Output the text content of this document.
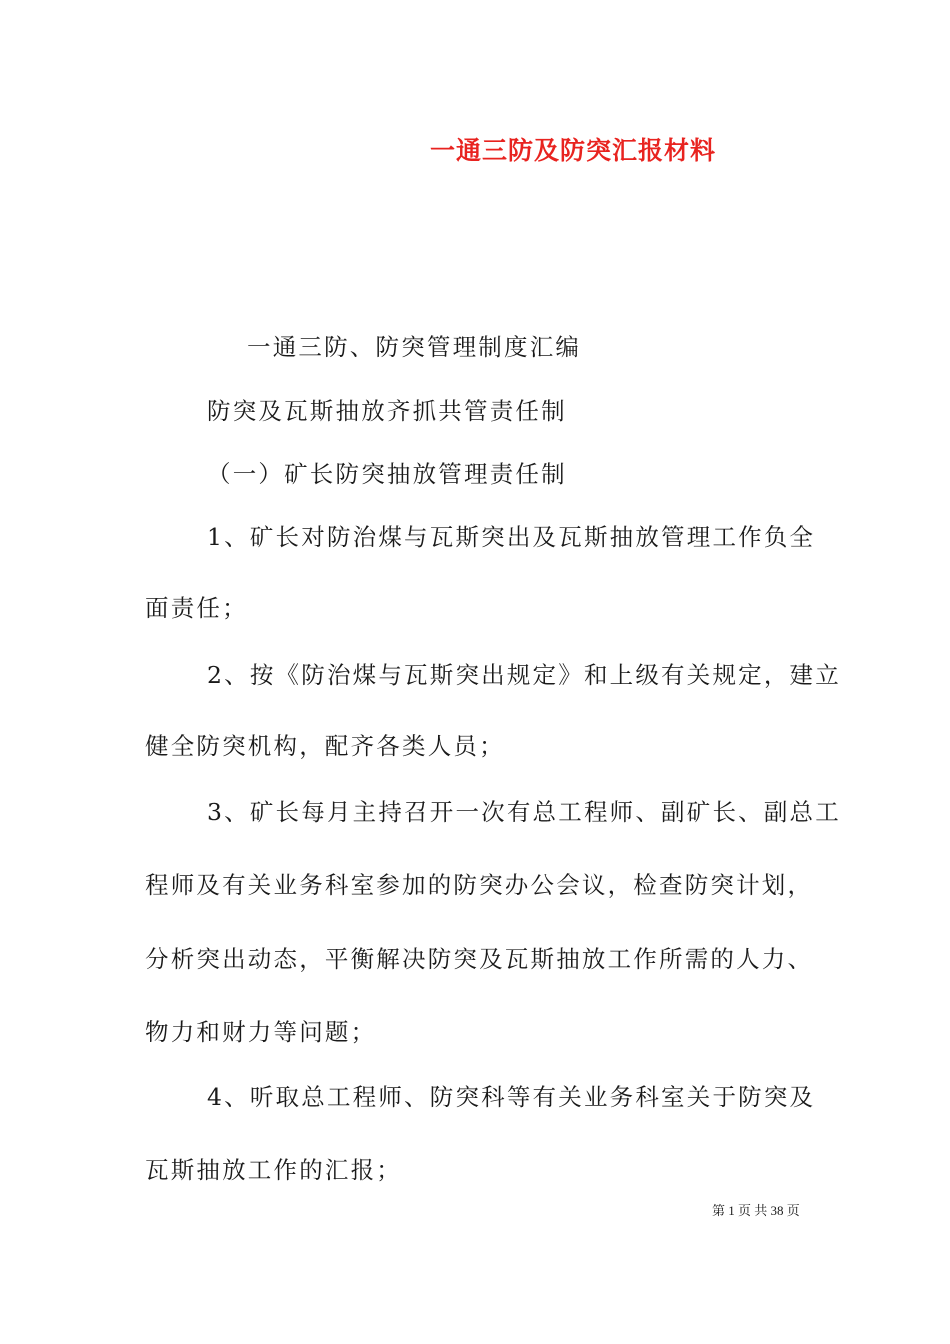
一通三防及防突汇报材料
一通三防、防突管理制度汇编
防突及瓦斯抽放齐抓共管责任制
（一）矿长防突抽放管理责任制
1、矿长对防治煤与瓦斯突出及瓦斯抽放管理工作负全
面责任；
2、按《防治煤与瓦斯突出规定》和上级有关规定，建立
健全防突机构，配齐各类人员；
3、矿长每月主持召开一次有总工程师、副矿长、副总工
程师及有关业务科室参加的防突办公会议，检查防突计划，
分析突出动态，平衡解决防突及瓦斯抽放工作所需的人力、
物力和财力等问题；
4、听取总工程师、防突科等有关业务科室关于防突及
瓦斯抽放工作的汇报；
第 1 页 共 38 页
